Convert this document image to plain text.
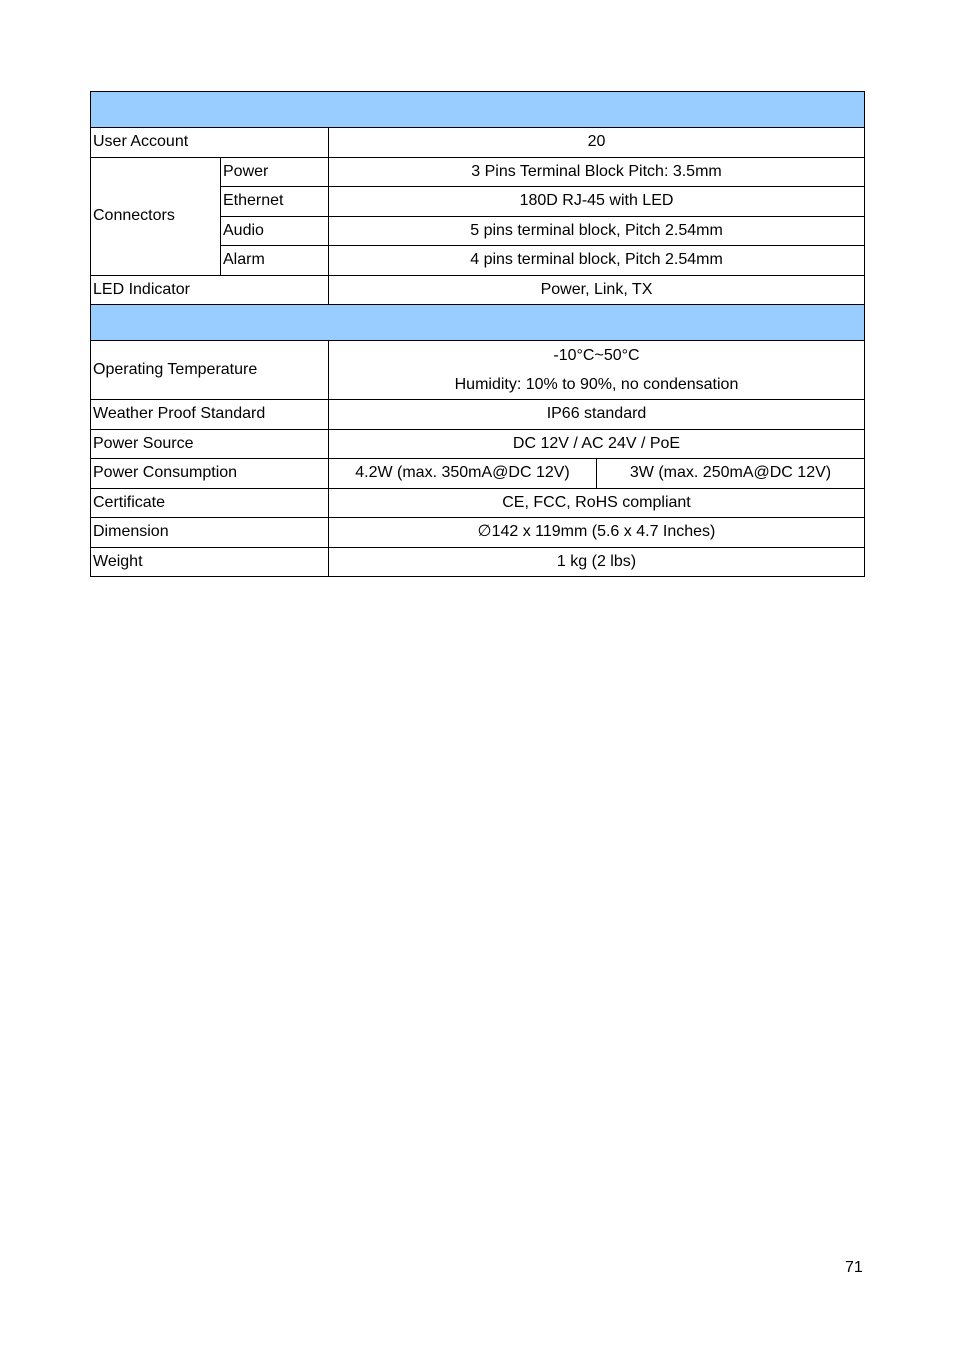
User Account		20	
Connectors	Power	3 Pins Terminal Block Pitch: 3.5mm	
	Ethernet	180D RJ-45 with LED	
	Audio	5 pins terminal block, Pitch 2.54mm	
	Alarm	4 pins terminal block, Pitch 2.54mm	
LED Indicator		Power, Link, TX	

Operating Temperature		-10°C~50°C
Humidity: 10% to 90%, no condensation	

Weather Proof Standard		IP66 standard	
Power Source		DC 12V / AC 24V / PoE	
Power Consumption		4.2W (max. 350mA@DC 12V)	3W (max. 250mA@DC 12V)
Certificate		CE, FCC, RoHS compliant	
Dimension		∅142 x 119mm (5.6 x 4.7 Inches)	
Weight		1 kg (2 lbs)	
71
